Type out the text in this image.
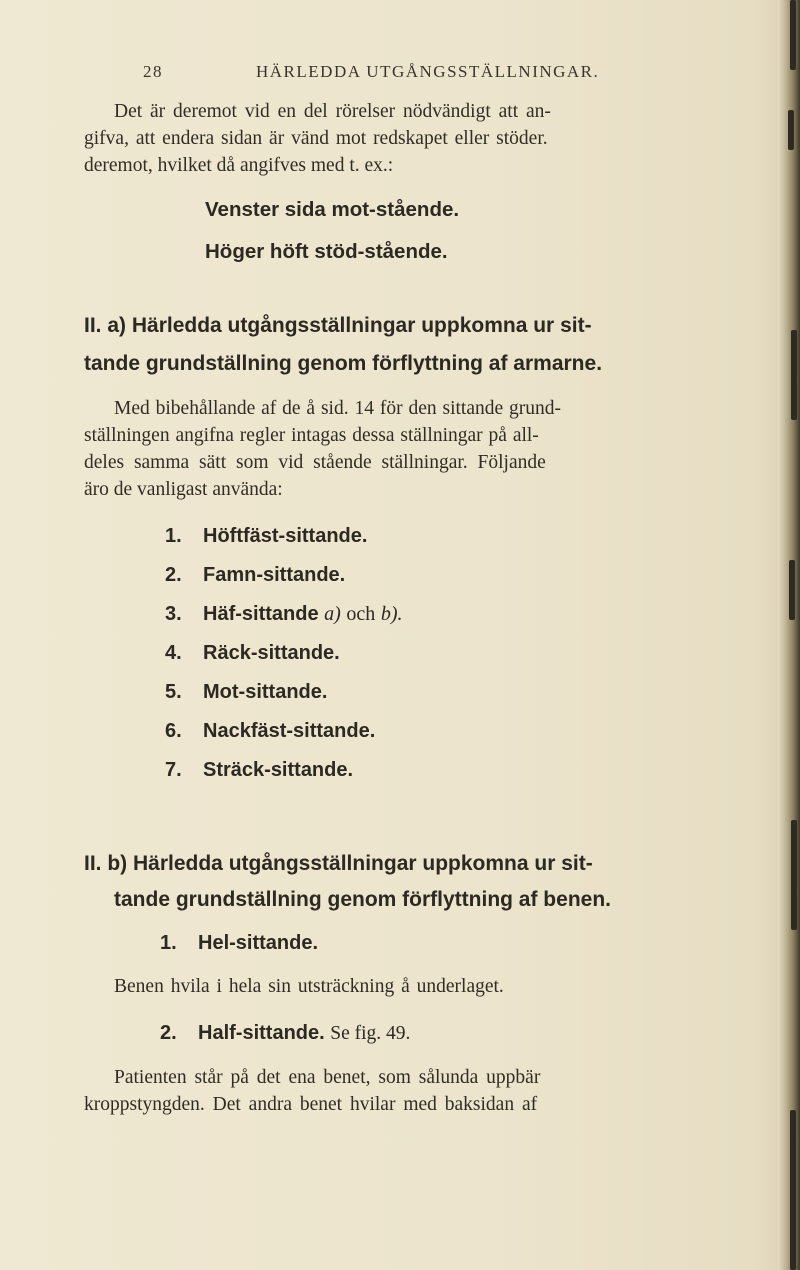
28	HÄRLEDDA UTGÅNGSSTÄLLNINGAR.
Det är deremot vid en del rörelser nödvändigt att an-
gifva, att endera sidan är vänd mot redskapet eller stöder.
deremot, hvilket då angifves med t. ex.:
Venster sida mot-stående.
Höger höft stöd-stående.
II. a) Härledda utgångsställningar uppkomna ur sit-
tande grundställning genom förflyttning af armarne.
Med bibehållande af de å sid. 14 för den sittande grund-
ställningen angifna regler intagas dessa ställningar på all-
deles samma sätt som vid stående ställningar. Följande
äro de vanligast använda:
1. Höftfäst-sittande.
2. Famn-sittande.
3. Häf-sittande a) och b).
4. Räck-sittande.
5. Mot-sittande.
6. Nackfäst-sittande.
7. Sträck-sittande.
II. b) Härledda utgångsställningar uppkomna ur sit-
tande grundställning genom förflyttning af benen.
1. Hel-sittande.
Benen hvila i hela sin utsträckning å underlaget.
2. Half-sittande. Se fig. 49.
Patienten står på det ena benet, som sålunda uppbär
kroppstyngden. Det andra benet hvilar med baksidan af
